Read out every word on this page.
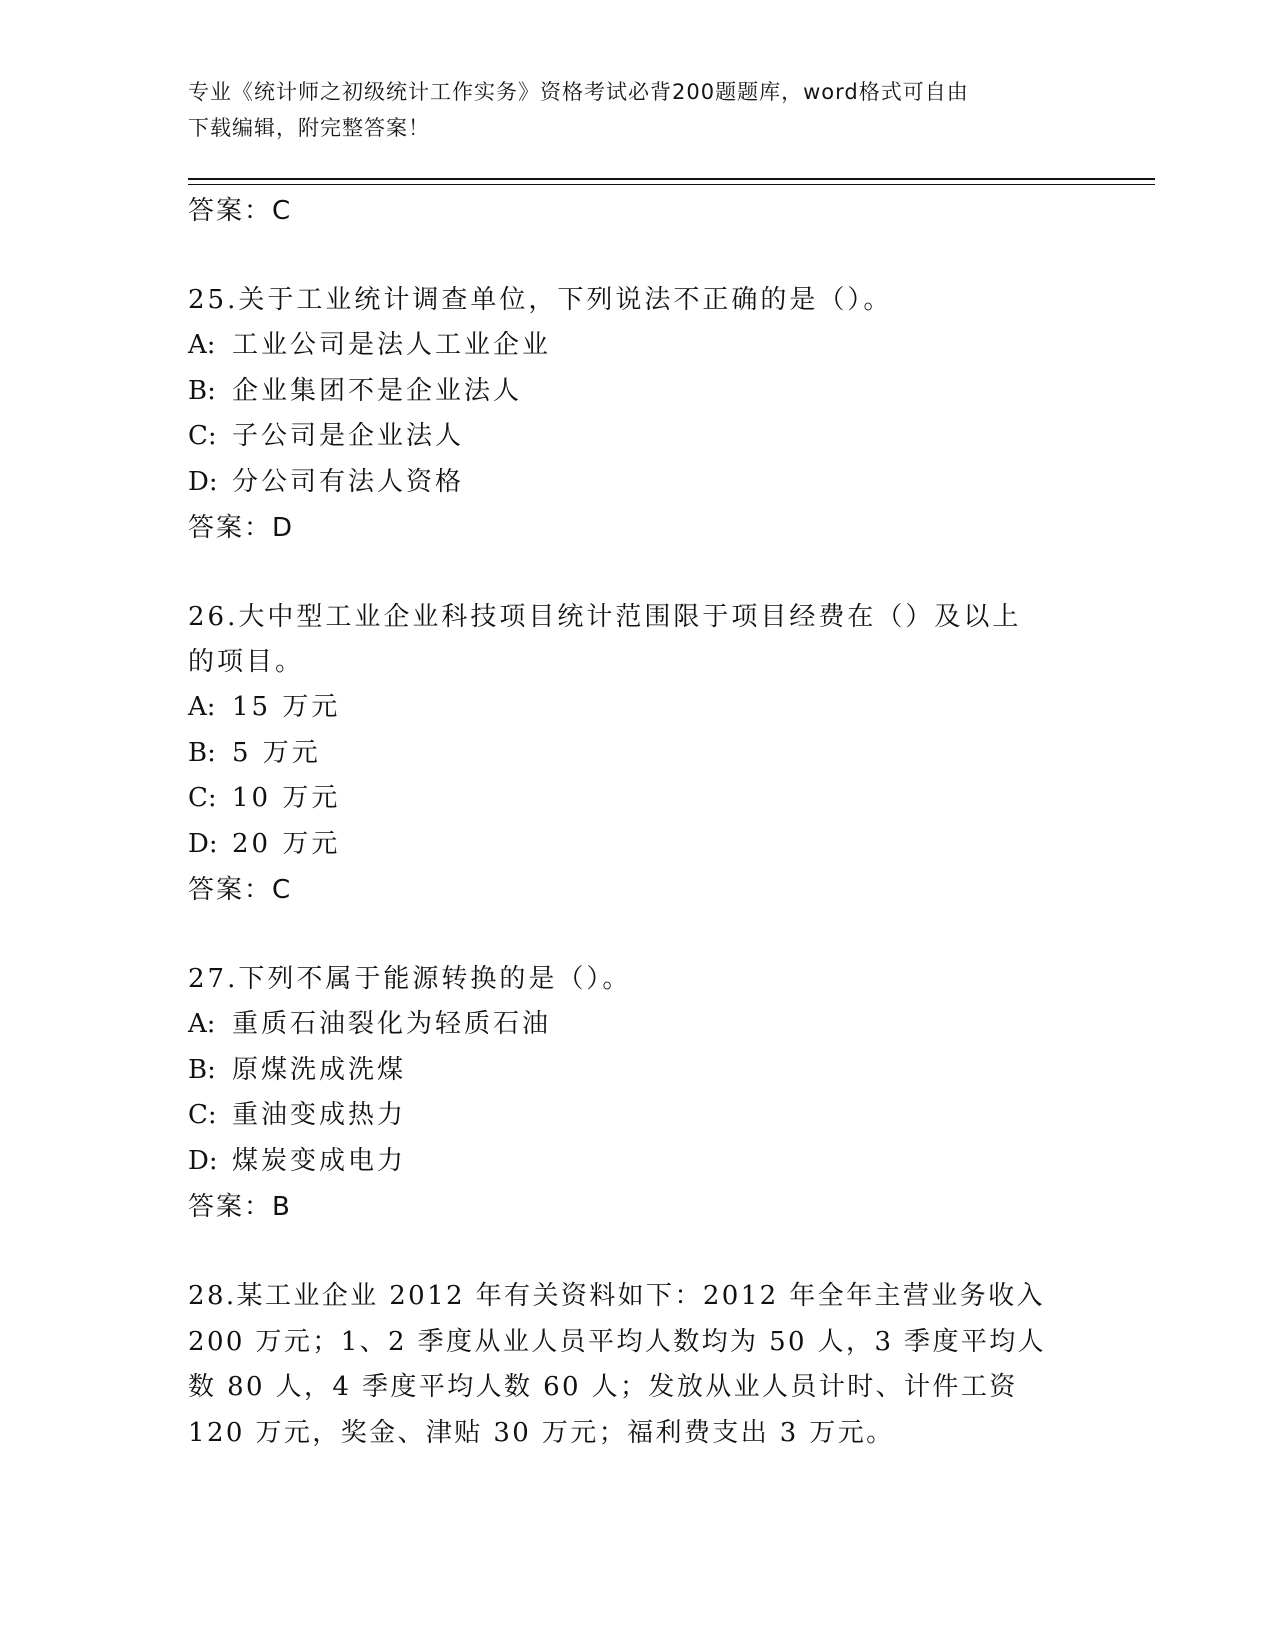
专业《统计师之初级统计工作实务》资格考试必背200题题库，word格式可自由
下载编辑，附完整答案！
答案：C
25.关于工业统计调查单位，下列说法不正确的是（）。
A: 工业公司是法人工业企业
B: 企业集团不是企业法人
C: 子公司是企业法人
D: 分公司有法人资格
答案：D
26.大中型工业企业科技项目统计范围限于项目经费在（）及以上的项目。
A: 15 万元
B: 5 万元
C: 10 万元
D: 20 万元
答案：C
27.下列不属于能源转换的是（）。
A: 重质石油裂化为轻质石油
B: 原煤洗成洗煤
C: 重油变成热力
D: 煤炭变成电力
答案：B
28.某工业企业 2012 年有关资料如下：2012 年全年主营业务收入 200 万元；1、2 季度从业人员平均人数均为 50 人，3 季度平均人数 80 人，4 季度平均人数 60 人；发放从业人员计时、计件工资 120 万元，奖金、津贴 30 万元；福利费支出 3 万元。
